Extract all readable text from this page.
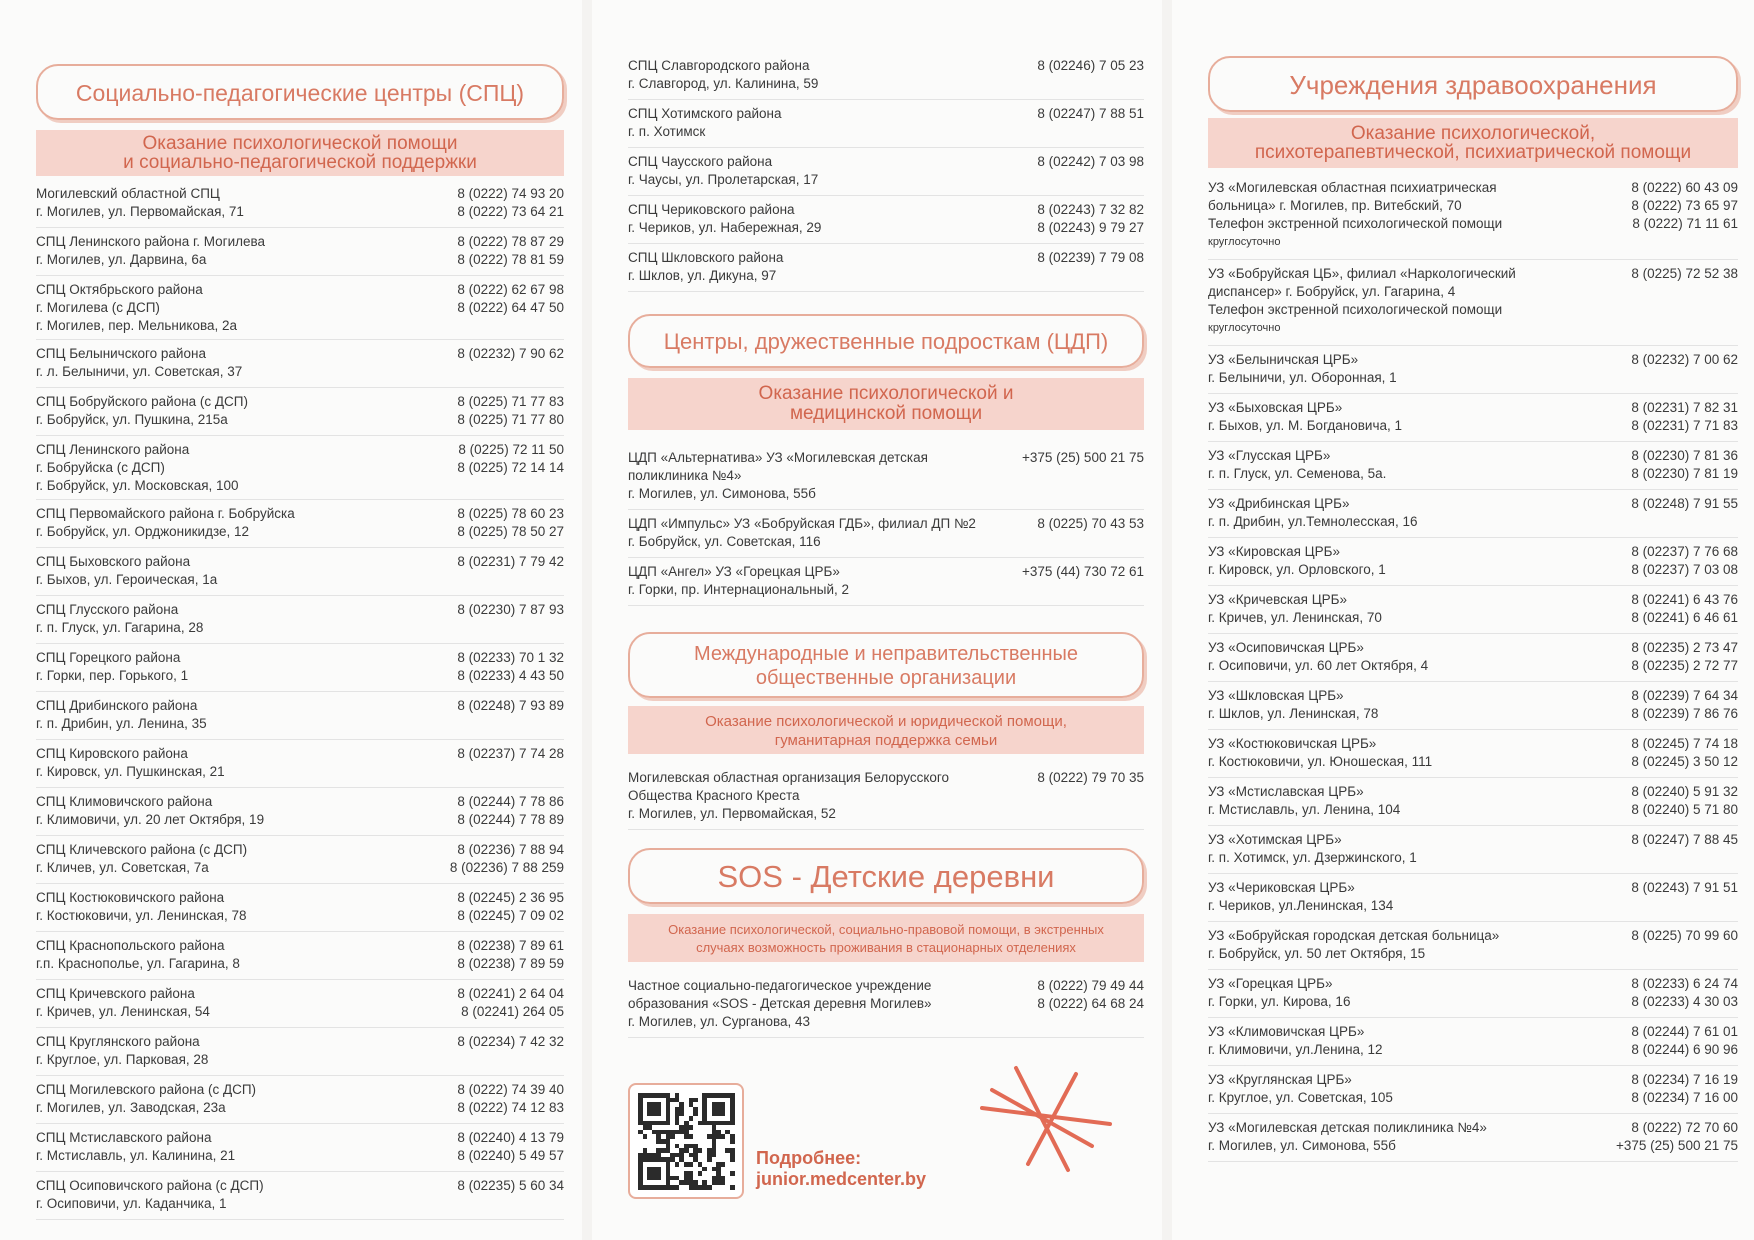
Социально-педагогические центры (СПЦ)
Оказание психологической помощи
и социально-педагогической поддержки
Могилевский областной СПЦ
г. Могилев, ул. Первомайская, 71
8 (0222) 74 93 20
8 (0222) 73 64 21
СПЦ Ленинского района г. Могилева
г. Могилев, ул. Дарвина, 6а
8 (0222) 78 87 29
8 (0222) 78 81 59
СПЦ Октябрьского района
г. Могилева (с ДСП)
г. Могилев, пер. Мельникова, 2а
8 (0222) 62 67 98
8 (0222) 64 47 50
СПЦ Белыничского района
г. л. Белыничи, ул. Советская, 37
8 (02232) 7 90 62
СПЦ Бобруйского района (с ДСП)
г. Бобруйск, ул. Пушкина, 215а
8 (0225) 71 77 83
8 (0225) 71 77 80
СПЦ Ленинского района
г. Бобруйска (с ДСП)
г. Бобруйск, ул. Московская, 100
8 (0225) 72 11 50
8 (0225) 72 14 14
СПЦ Первомайского района г. Бобруйска
г. Бобруйск, ул. Орджоникидзе, 12
8 (0225) 78 60 23
8 (0225) 78 50 27
СПЦ Быховского района
г. Быхов, ул. Героическая, 1а
8 (02231) 7 79 42
СПЦ Глусского района
г. п. Глуск, ул. Гагарина, 28
8 (02230) 7 87 93
СПЦ Горецкого района
г. Горки, пер. Горького, 1
8 (02233) 70 1 32
8 (02233) 4 43 50
СПЦ Дрибинского района
г. п. Дрибин, ул. Ленина, 35
8 (02248) 7 93 89
СПЦ Кировского района
г. Кировск, ул. Пушкинская, 21
8 (02237) 7 74 28
СПЦ Климовичского района
г. Климовичи, ул. 20 лет Октября, 19
8 (02244) 7 78 86
8 (02244) 7 78 89
СПЦ Кличевского района (с ДСП)
г. Кличев, ул. Советская, 7а
8 (02236) 7 88 94
8 (02236) 7 88 259
СПЦ Костюковичского района
г. Костюковичи, ул. Ленинская, 78
8 (02245) 2 36 95
8 (02245) 7 09 02
СПЦ Краснопольского района
г.п. Краснополье, ул. Гагарина, 8
8 (02238) 7 89 61
8 (02238) 7 89 59
СПЦ Кричевского района
г. Кричев, ул. Ленинская, 54
8 (02241) 2 64 04
8 (02241) 264 05
СПЦ Круглянского района
г. Круглое, ул. Парковая, 28
8 (02234) 7 42 32
СПЦ Могилевского района (с ДСП)
г. Могилев, ул. Заводская, 23а
8 (0222) 74 39 40
8 (0222) 74 12 83
СПЦ Мстиславского района
г. Мстиславль, ул. Калинина, 21
8 (02240) 4 13 79
8 (02240) 5 49 57
СПЦ Осиповичского района (с ДСП)
г. Осиповичи, ул. Каданчика, 1
8 (02235) 5 60 34
СПЦ Славгородского района
г. Славгород, ул. Калинина, 59
8 (02246) 7 05 23
СПЦ Хотимского района
г. п. Хотимск
8 (02247) 7 88 51
СПЦ Чаусского района
г. Чаусы, ул. Пролетарская, 17
8 (02242) 7 03 98
СПЦ Чериковского района
г. Чериков, ул. Набережная, 29
8 (02243) 7 32 82
8 (02243) 9 79 27
СПЦ Шкловского района
г. Шклов, ул. Дикуна, 97
8 (02239) 7 79 08
Центры, дружественные подросткам (ЦДП)
Оказание психологической и
медицинской помощи
ЦДП «Альтернатива» УЗ «Могилевская детская
поликлиника №4»
г. Могилев, ул. Симонова, 55б
+375 (25) 500 21 75
ЦДП «Импульс» УЗ «Бобруйская ГДБ», филиал ДП №2
г. Бобруйск, ул. Советская, 116
8 (0225) 70 43 53
ЦДП «Ангел» УЗ «Горецкая ЦРБ»
г. Горки, пр. Интернациональный, 2
+375 (44) 730 72 61
Международные и неправительственные
общественные организации
Оказание психологической и юридической помощи,
гуманитарная поддержка семьи
Могилевская областная организация Белорусского
Общества Красного Креста
г. Могилев, ул. Первомайская, 52
8 (0222) 79 70 35
SOS - Детские деревни
Оказание психологической, социально-правовой помощи, в экстренных
случаях возможность проживания в стационарных отделениях
Частное социально-педагогическое учреждение
образования «SOS - Детская деревня Могилев»
г. Могилев, ул. Сурганова, 43
8 (0222) 79 49 44
8 (0222) 64 68 24
Подробнее:
junior.medcenter.by
Учреждения здравоохранения
Оказание психологической,
психотерапевтической, психиатрической помощи
УЗ «Могилевская областная психиатрическая
больница» г. Могилев, пр. Витебский, 70
Телефон экстренной психологической помощи
круглосуточно
8 (0222) 60 43 09
8 (0222) 73 65 97
8 (0222) 71 11 61
УЗ «Бобруйская ЦБ», филиал «Наркологический
диспансер» г. Бобруйск, ул. Гагарина, 4
Телефон экстренной психологической помощи
круглосуточно
8 (0225) 72 52 38
УЗ «Белыничская ЦРБ»
г. Белыничи, ул. Оборонная, 1
8 (02232) 7 00 62
УЗ «Быховская ЦРБ»
г. Быхов, ул. М. Богдановича, 1
8 (02231) 7 82 31
8 (02231) 7 71 83
УЗ «Глусская ЦРБ»
г. п. Глуск, ул. Семенова, 5а.
8 (02230) 7 81 36
8 (02230) 7 81 19
УЗ «Дрибинская ЦРБ»
г. п. Дрибин, ул.Темнолесская, 16
8 (02248) 7 91 55
УЗ «Кировская ЦРБ»
г. Кировск, ул. Орловского, 1
8 (02237) 7 76 68
8 (02237) 7 03 08
УЗ «Кричевская ЦРБ»
г. Кричев, ул. Ленинская, 70
8 (02241) 6 43 76
8 (02241) 6 46 61
УЗ «Осиповичская ЦРБ»
г. Осиповичи, ул. 60 лет Октября, 4
8 (02235) 2 73 47
8 (02235) 2 72 77
УЗ «Шкловская ЦРБ»
г. Шклов, ул. Ленинская, 78
8 (02239) 7 64 34
8 (02239) 7 86 76
УЗ «Костюковичская ЦРБ»
г. Костюковичи, ул. Юношеская, 111
8 (02245) 7 74 18
8 (02245) 3 50 12
УЗ «Мстиславская ЦРБ»
г. Мстиславль, ул. Ленина, 104
8 (02240) 5 91 32
8 (02240) 5 71 80
УЗ «Хотимская ЦРБ»
г. п. Хотимск, ул. Дзержинского, 1
8 (02247) 7 88 45
УЗ «Чериковская ЦРБ»
г. Чериков, ул.Ленинская, 134
8 (02243) 7 91 51
УЗ «Бобруйская городская детская больница»
г. Бобруйск, ул. 50 лет Октября, 15
8 (0225) 70 99 60
УЗ «Горецкая ЦРБ»
г. Горки, ул. Кирова, 16
8 (02233) 6 24 74
8 (02233) 4 30 03
УЗ «Климовичская ЦРБ»
г. Климовичи, ул.Ленина, 12
8 (02244) 7 61 01
8 (02244) 6 90 96
УЗ «Круглянская ЦРБ»
г. Круглое, ул. Советская, 105
8 (02234) 7 16 19
8 (02234) 7 16 00
УЗ «Могилевская детская поликлиника №4»
г. Могилев, ул. Симонова, 55б
8 (0222) 72 70 60
+375 (25) 500 21 75
